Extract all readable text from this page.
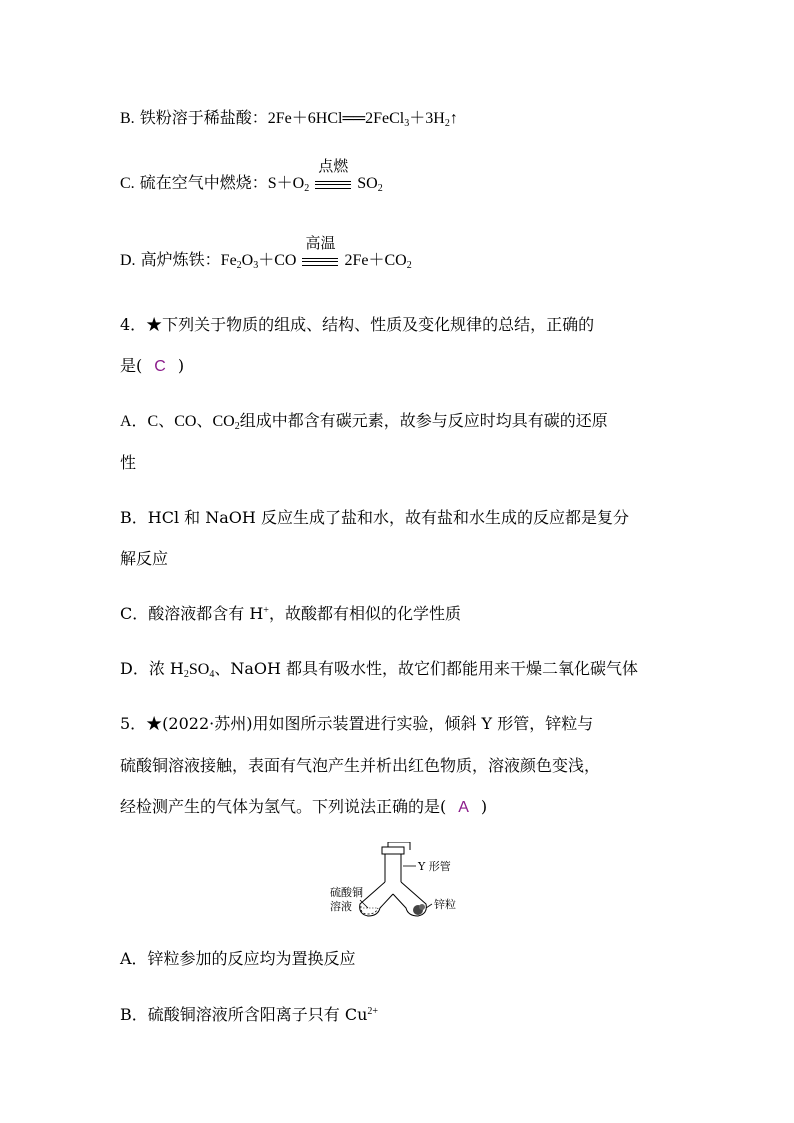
B. 铁粉溶于稀盐酸：$2Fe+6HCl══2FeCl_3+3H_2↑$
C. 硫在空气中燃烧：$S+O_2$
点燃
$SO_2$
D. 高炉炼铁：$Fe_2O_3+CO$
高温
$2Fe+CO_2$
4．★下列关于物质的组成、结构、性质及变化规律的总结，正确的
是( C )
A．C、CO、$CO_2$组成中都含有碳元素，故参与反应时均具有碳的还原
性
B．HCl 和 NaOH 反应生成了盐和水，故有盐和水生成的反应都是复分
解反应
C．酸溶液都含有 H+，故酸都有相似的化学性质
D．浓 $H_2SO_4$、NaOH 都具有吸水性，故它们都能用来干燥二氧化碳气体
5．★(2022·苏州)用如图所示装置进行实验，倾斜 Y 形管，锌粒与
硫酸铜溶液接触，表面有气泡产生并析出红色物质，溶液颜色变浅，
经检测产生的气体为氢气。下列说法正确的是( A )
Y 形管
硫酸铜
溶液	锌粒
A．锌粒参加的反应均为置换反应
B．硫酸铜溶液所含阳离子只有 $Cu^{2+}$
